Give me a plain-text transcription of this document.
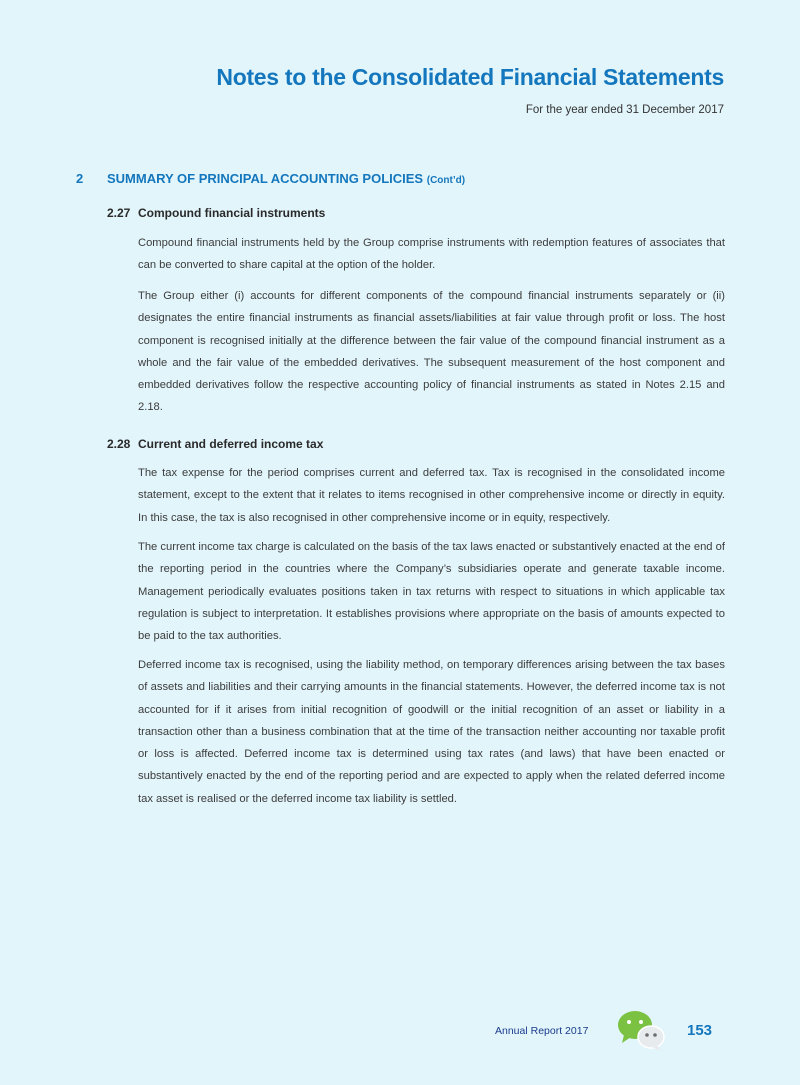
Notes to the Consolidated Financial Statements
For the year ended 31 December 2017
2 SUMMARY OF PRINCIPAL ACCOUNTING POLICIES (Cont’d)
2.27 Compound financial instruments

Compound financial instruments held by the Group comprise instruments with redemption features of associates that can be converted to share capital at the option of the holder.

The Group either (i) accounts for different components of the compound financial instruments separately or (ii) designates the entire financial instruments as financial assets/liabilities at fair value through profit or loss. The host component is recognised initially at the difference between the fair value of the compound financial instrument as a whole and the fair value of the embedded derivatives. The subsequent measurement of the host component and embedded derivatives follow the respective accounting policy of financial instruments as stated in Notes 2.15 and 2.18.

2.28 Current and deferred income tax

The tax expense for the period comprises current and deferred tax. Tax is recognised in the consolidated income statement, except to the extent that it relates to items recognised in other comprehensive income or directly in equity. In this case, the tax is also recognised in other comprehensive income or in equity, respectively.

The current income tax charge is calculated on the basis of the tax laws enacted or substantively enacted at the end of the reporting period in the countries where the Company’s subsidiaries operate and generate taxable income. Management periodically evaluates positions taken in tax returns with respect to situations in which applicable tax regulation is subject to interpretation. It establishes provisions where appropriate on the basis of amounts expected to be paid to the tax authorities.

Deferred income tax is recognised, using the liability method, on temporary differences arising between the tax bases of assets and liabilities and their carrying amounts in the financial statements. However, the deferred income tax is not accounted for if it arises from initial recognition of goodwill or the initial recognition of an asset or liability in a transaction other than a business combination that at the time of the transaction neither accounting nor taxable profit or loss is affected. Deferred income tax is determined using tax rates (and laws) that have been enacted or substantively enacted by the end of the reporting period and are expected to apply when the related deferred income tax asset is realised or the deferred income tax liability is settled.

Annual Report 2017	153
